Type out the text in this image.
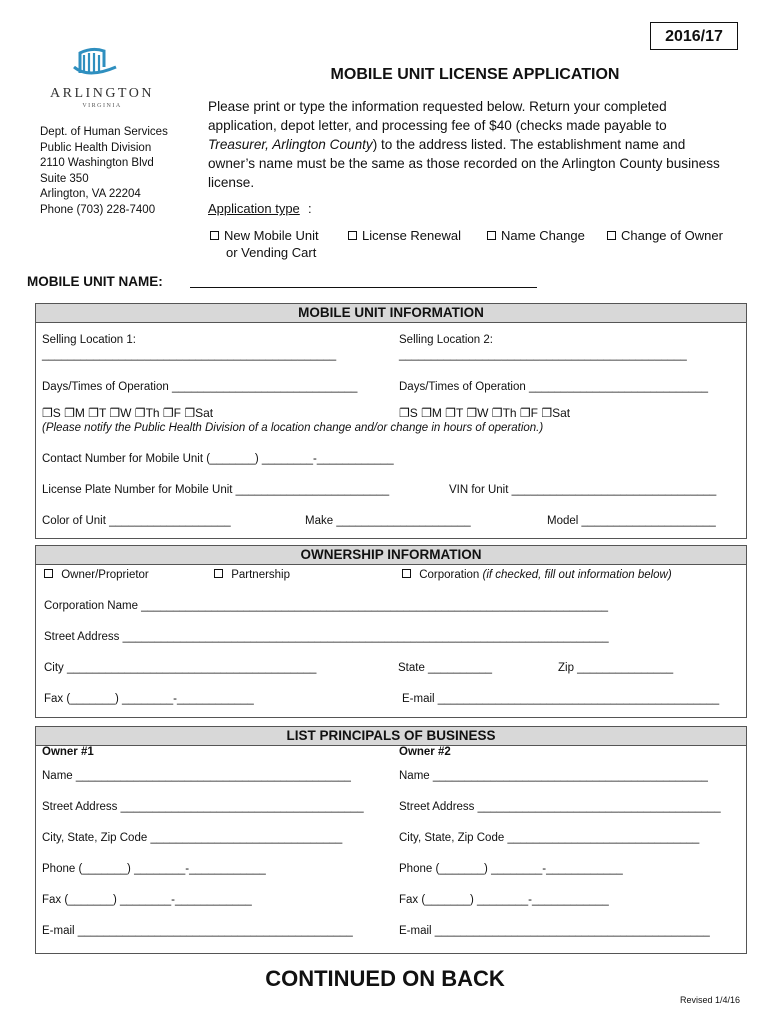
2016/17
ARLINGTON
VIRGINIA
Dept. of Human Services
Public Health Division
2110 Washington Blvd
Suite 350
Arlington, VA 22204
Phone (703) 228-7400
MOBILE UNIT LICENSE APPLICATION
Please print or type the information requested below. Return your completed application, depot letter, and processing fee of $40 (checks made payable to Treasurer, Arlington County) to the address listed. The establishment name and owner’s name must be the same as those recorded on the Arlington County business license.
Application type :
New Mobile Unit
or Vending Cart
License Renewal	Name Change	Change of Owner
MOBILE UNIT NAME:
MOBILE UNIT INFORMATION
Selling Location 1:	Selling Location 2:
______________________________________________	_____________________________________________
Days/Times of Operation _____________________________	Days/Times of Operation ____________________________
❐S ❐M ❐T ❐W ❐Th ❐F ❐Sat	❐S ❐M ❐T ❐W ❐Th ❐F ❐Sat
(Please notify the Public Health Division of a location change and/or change in hours of operation.)
Contact Number for Mobile Unit (_______) ________-____________
License Plate Number for Mobile Unit ________________________	VIN for Unit ________________________________
Color of Unit ___________________	Make _____________________	Model _____________________
OWNERSHIP INFORMATION
Owner/Proprietor	Partnership	Corporation (if checked, fill out information below)
Corporation Name _________________________________________________________________________
Street Address ____________________________________________________________________________
City _______________________________________	State __________	Zip _______________
Fax (_______) ________-____________	E-mail ____________________________________________
LIST PRINCIPALS OF BUSINESS
Owner #1	Owner #2
Name ___________________________________________	Name ___________________________________________
Street Address ______________________________________	Street Address ______________________________________
City, State, Zip Code ______________________________	City, State, Zip Code ______________________________
Phone (_______) ________-____________	Phone (_______) ________-____________
Fax (_______) ________-____________	Fax (_______) ________-____________
E-mail ___________________________________________	E-mail ___________________________________________
CONTINUED ON BACK
Revised 1/4/16
